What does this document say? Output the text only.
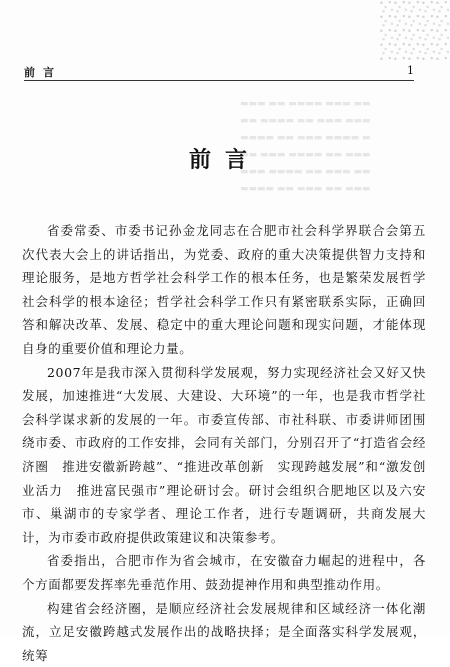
前言	1
▬▬▬ ▬▬ ▬▬▬▬ ▬▬▬ ▬▬
▬▬ ▬▬▬▬ ▬▬ ▬▬▬ ▬▬▬
▬▬▬▬ ▬▬ ▬▬▬ ▬▬▬▬ ▬
▬▬ ▬▬▬ ▬▬▬▬ ▬▬ ▬▬▬
▬▬▬ ▬▬▬▬ ▬▬ ▬▬▬ ▬▬
▬▬▬▬ ▬▬ ▬▬▬ ▬▬ ▬▬▬
前言

省委常委、市委书记孙金龙同志在合肥市社会科学界联合会第五次代表大会上的讲话指出，为党委、政府的重大决策提供智力支持和理论服务，是地方哲学社会科学工作的根本任务，也是繁荣发展哲学社会科学的根本途径；哲学社会科学工作只有紧密联系实际，正确回答和解决改革、发展、稳定中的重大理论问题和现实问题，才能体现自身的重要价值和理论力量。

2007年是我市深入贯彻科学发展观，努力实现经济社会又好又快发展，加速推进“大发展、大建设、大环境”的一年，也是我市哲学社会科学谋求新的发展的一年。市委宣传部、市社科联、市委讲师团围绕市委、市政府的工作安排，会同有关部门，分别召开了“打造省会经济圈　推进安徽新跨越”、“推进改革创新　实现跨越发展”和“激发创业活力　推进富民强市”理论研讨会。研讨会组织合肥地区以及六安市、巢湖市的专家学者、理论工作者，进行专题调研，共商发展大计，为市委市政府提供政策建议和决策参考。

省委指出，合肥市作为省会城市，在安徽奋力崛起的进程中，各个方面都要发挥率先垂范作用、鼓劲提神作用和典型推动作用。

构建省会经济圈，是顺应经济社会发展规律和区域经济一体化潮流，立足安徽跨越式发展作出的战略抉择；是全面落实科学发展观，统筹
